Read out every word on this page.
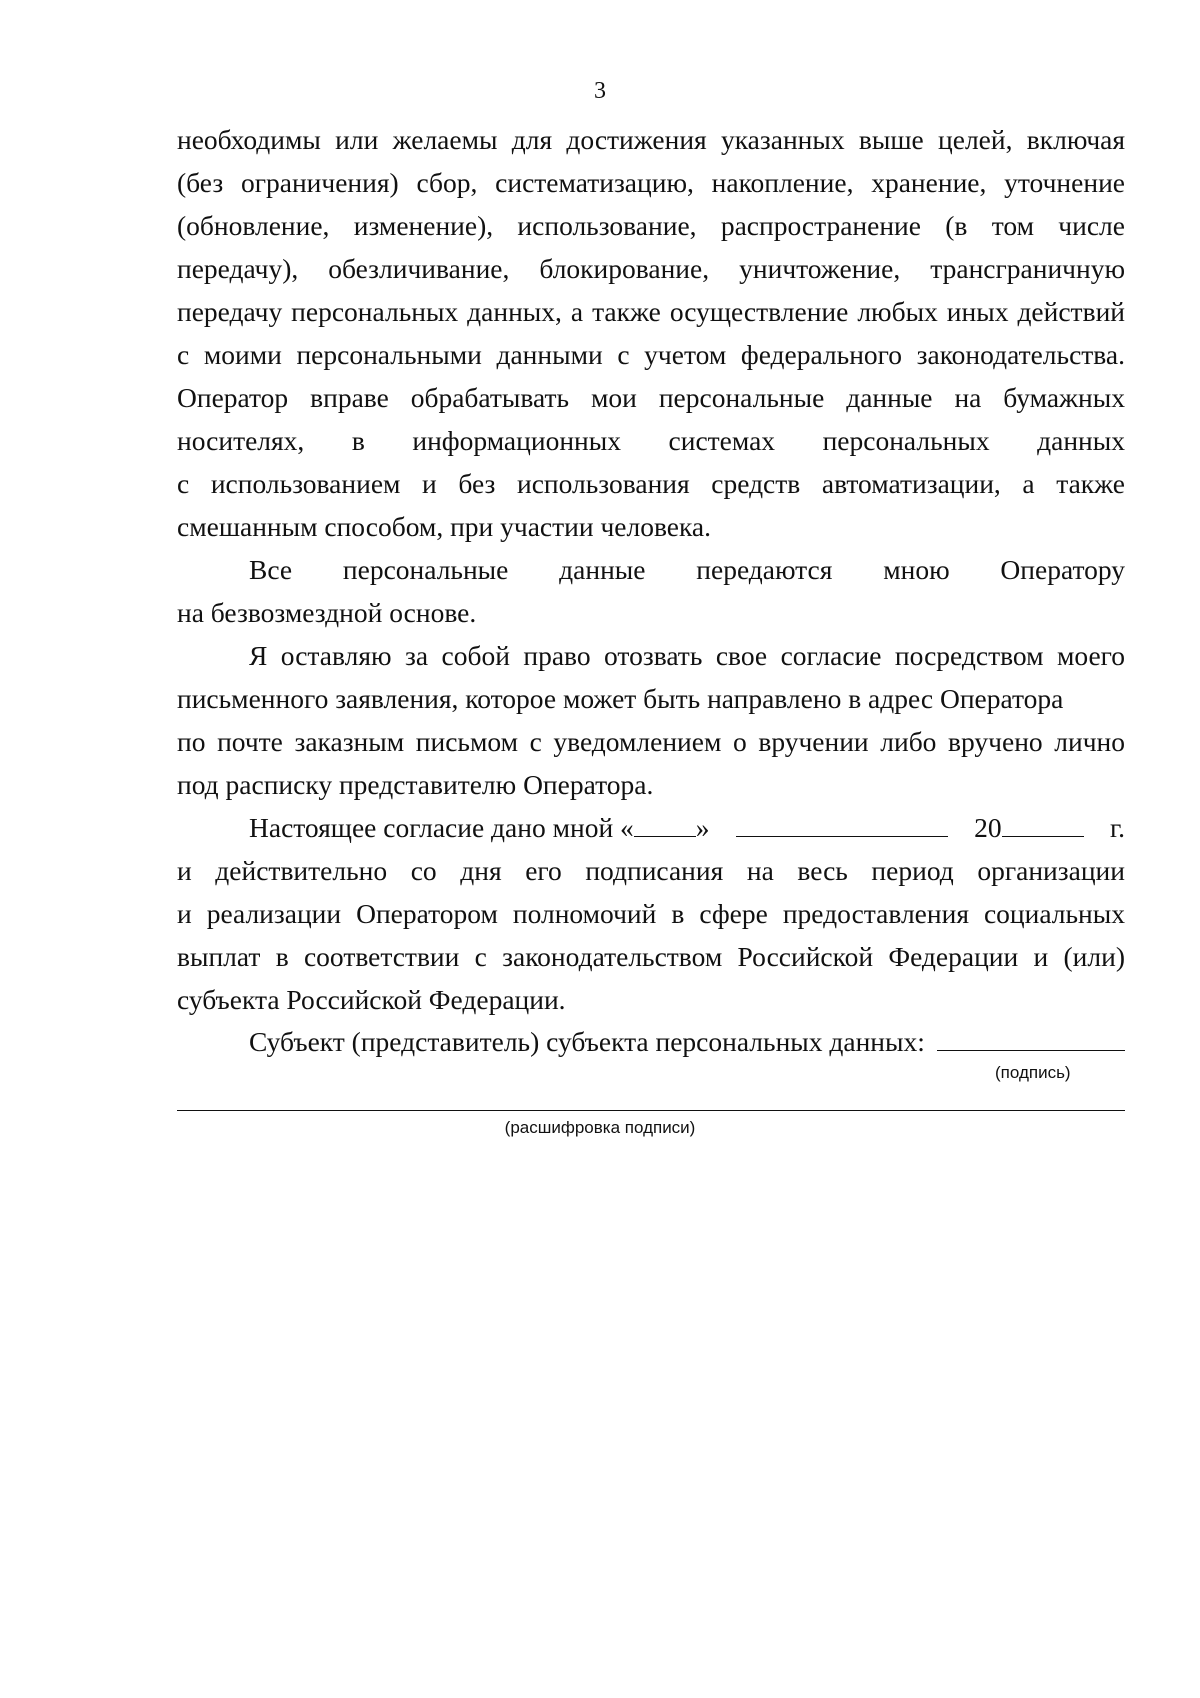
3
необходимы или желаемы для достижения указанных выше целей, включая
(без ограничения) сбор, систематизацию, накопление, хранение, уточнение
(обновление, изменение), использование, распространение (в том числе
передачу), обезличивание, блокирование, уничтожение, трансграничную
передачу персональных данных, а также осуществление любых иных действий
с моими персональными данными с учетом федерального законодательства.
Оператор вправе обрабатывать мои персональные данные на бумажных
носителях, в информационных системах персональных данных
с использованием и без использования средств автоматизации, а также
смешанным способом, при участии человека.
Все персональные данные передаются мною Оператору
на безвозмездной основе.
Я оставляю за собой право отозвать свое согласие посредством моего
письменного заявления, которое может быть направлено в адрес Оператора
по почте заказным письмом с уведомлением о вручении либо вручено лично
под расписку представителю Оператора.
Настоящее согласие дано мной « »	20	г.
и действительно со дня его подписания на весь период организации
и реализации Оператором полномочий в сфере предоставления социальных
выплат в соответствии с законодательством Российской Федерации и (или)
субъекта Российской Федерации.
Субъект (представитель) субъекта персональных данных:
(подпись)
(расшифровка подписи)
